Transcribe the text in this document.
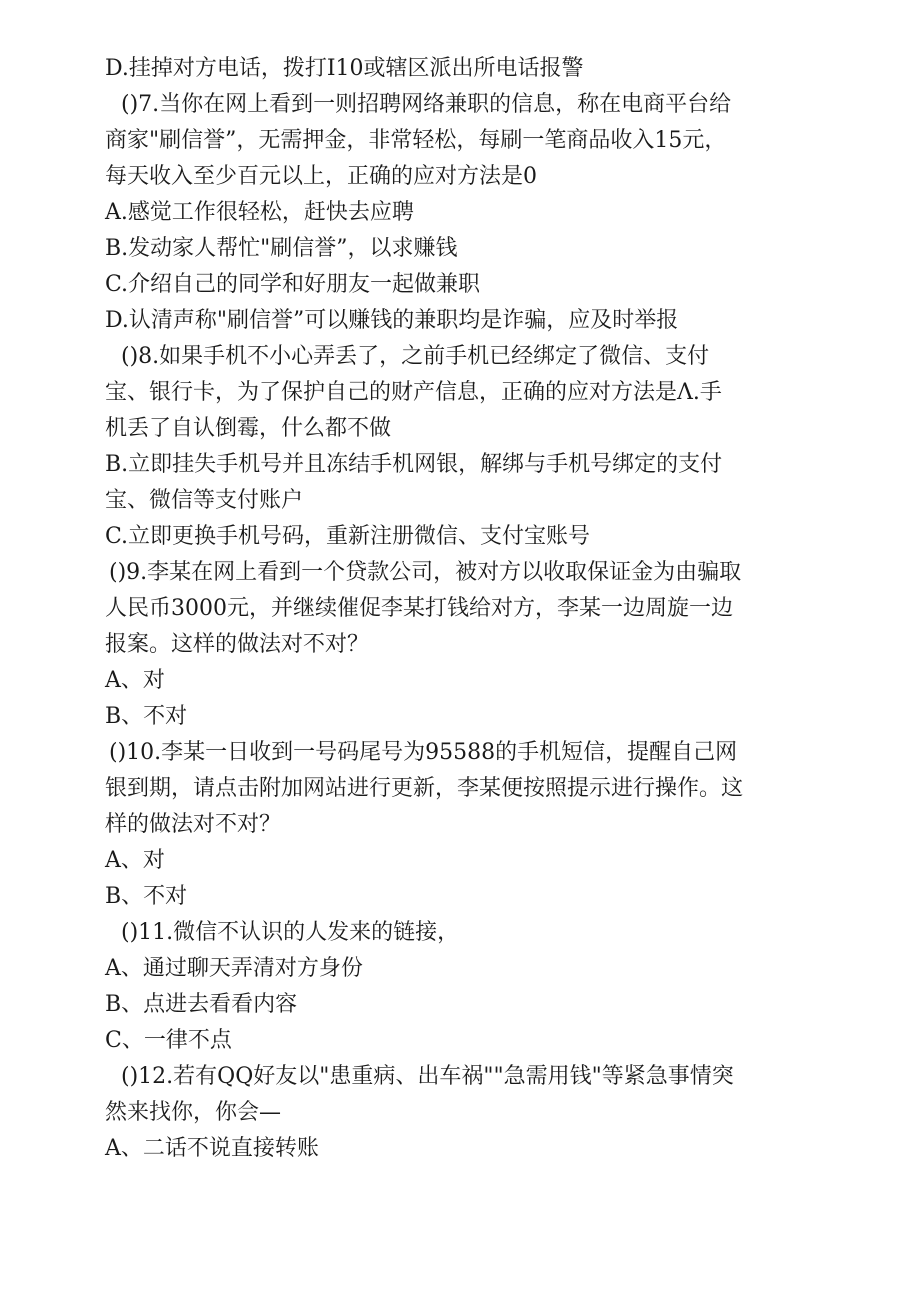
D.挂掉对方电话，拨打I10或辖区派出所电话报警

()7.当你在网上看到一则招聘网络兼职的信息，称在电商平台给

商家"刷信誉”，无需押金，非常轻松，每刷一笔商品收入15元，

每天收入至少百元以上，正确的应对方法是0

A.感觉工作很轻松，赶快去应聘

B.发动家人帮忙"刷信誉”，以求赚钱

C.介绍自己的同学和好朋友一起做兼职

D.认清声称"刷信誉”可以赚钱的兼职均是诈骗，应及时举报

()8.如果手机不小心弄丢了，之前手机已经绑定了微信、支付

宝、银行卡，为了保护自己的财产信息，正确的应对方法是Λ.手

机丢了自认倒霉，什么都不做

B.立即挂失手机号并且冻结手机网银，解绑与手机号绑定的支付

宝、微信等支付账户

C.立即更换手机号码，重新注册微信、支付宝账号

()9.李某在网上看到一个贷款公司，被对方以收取保证金为由骗取

人民币3000元，并继续催促李某打钱给对方，李某一边周旋一边

报案。这样的做法对不对？

A、对

B、不对

()10.李某一日收到一号码尾号为95588的手机短信，提醒自己网

银到期，请点击附加网站进行更新，李某便按照提示进行操作。这

样的做法对不对？

A、对

B、不对

()11.微信不认识的人发来的链接，

A、通过聊天弄清对方身份

B、点进去看看内容

C、一律不点

()12.若有QQ好友以"患重病、出车祸""急需用钱"等紧急事情突

然来找你，你会—

A、二话不说直接转账
